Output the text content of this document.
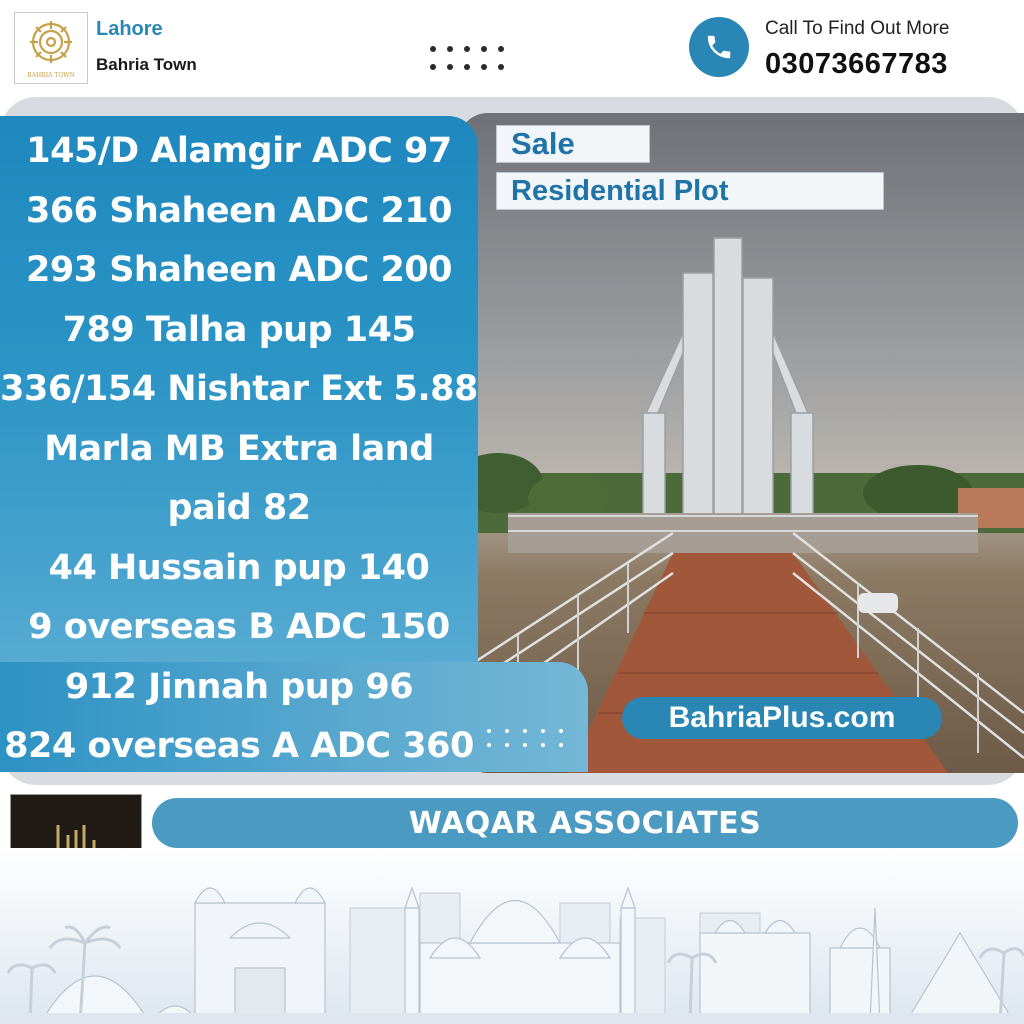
BAHRIA TOWN
Lahore
Bahria Town
Call To Find Out More
03073667783
145/D Alamgir ADC 97
366 Shaheen ADC 210
293 Shaheen ADC 200
789 Talha pup 145
336/154 Nishtar Ext 5.88
Marla MB Extra land
paid 82
44 Hussain pup 140
9 overseas B ADC 150
912 Jinnah pup 96
824 overseas A ADC 360
Sale
Residential Plot
BahriaPlus.com
WAQAR ASSOCIATES
